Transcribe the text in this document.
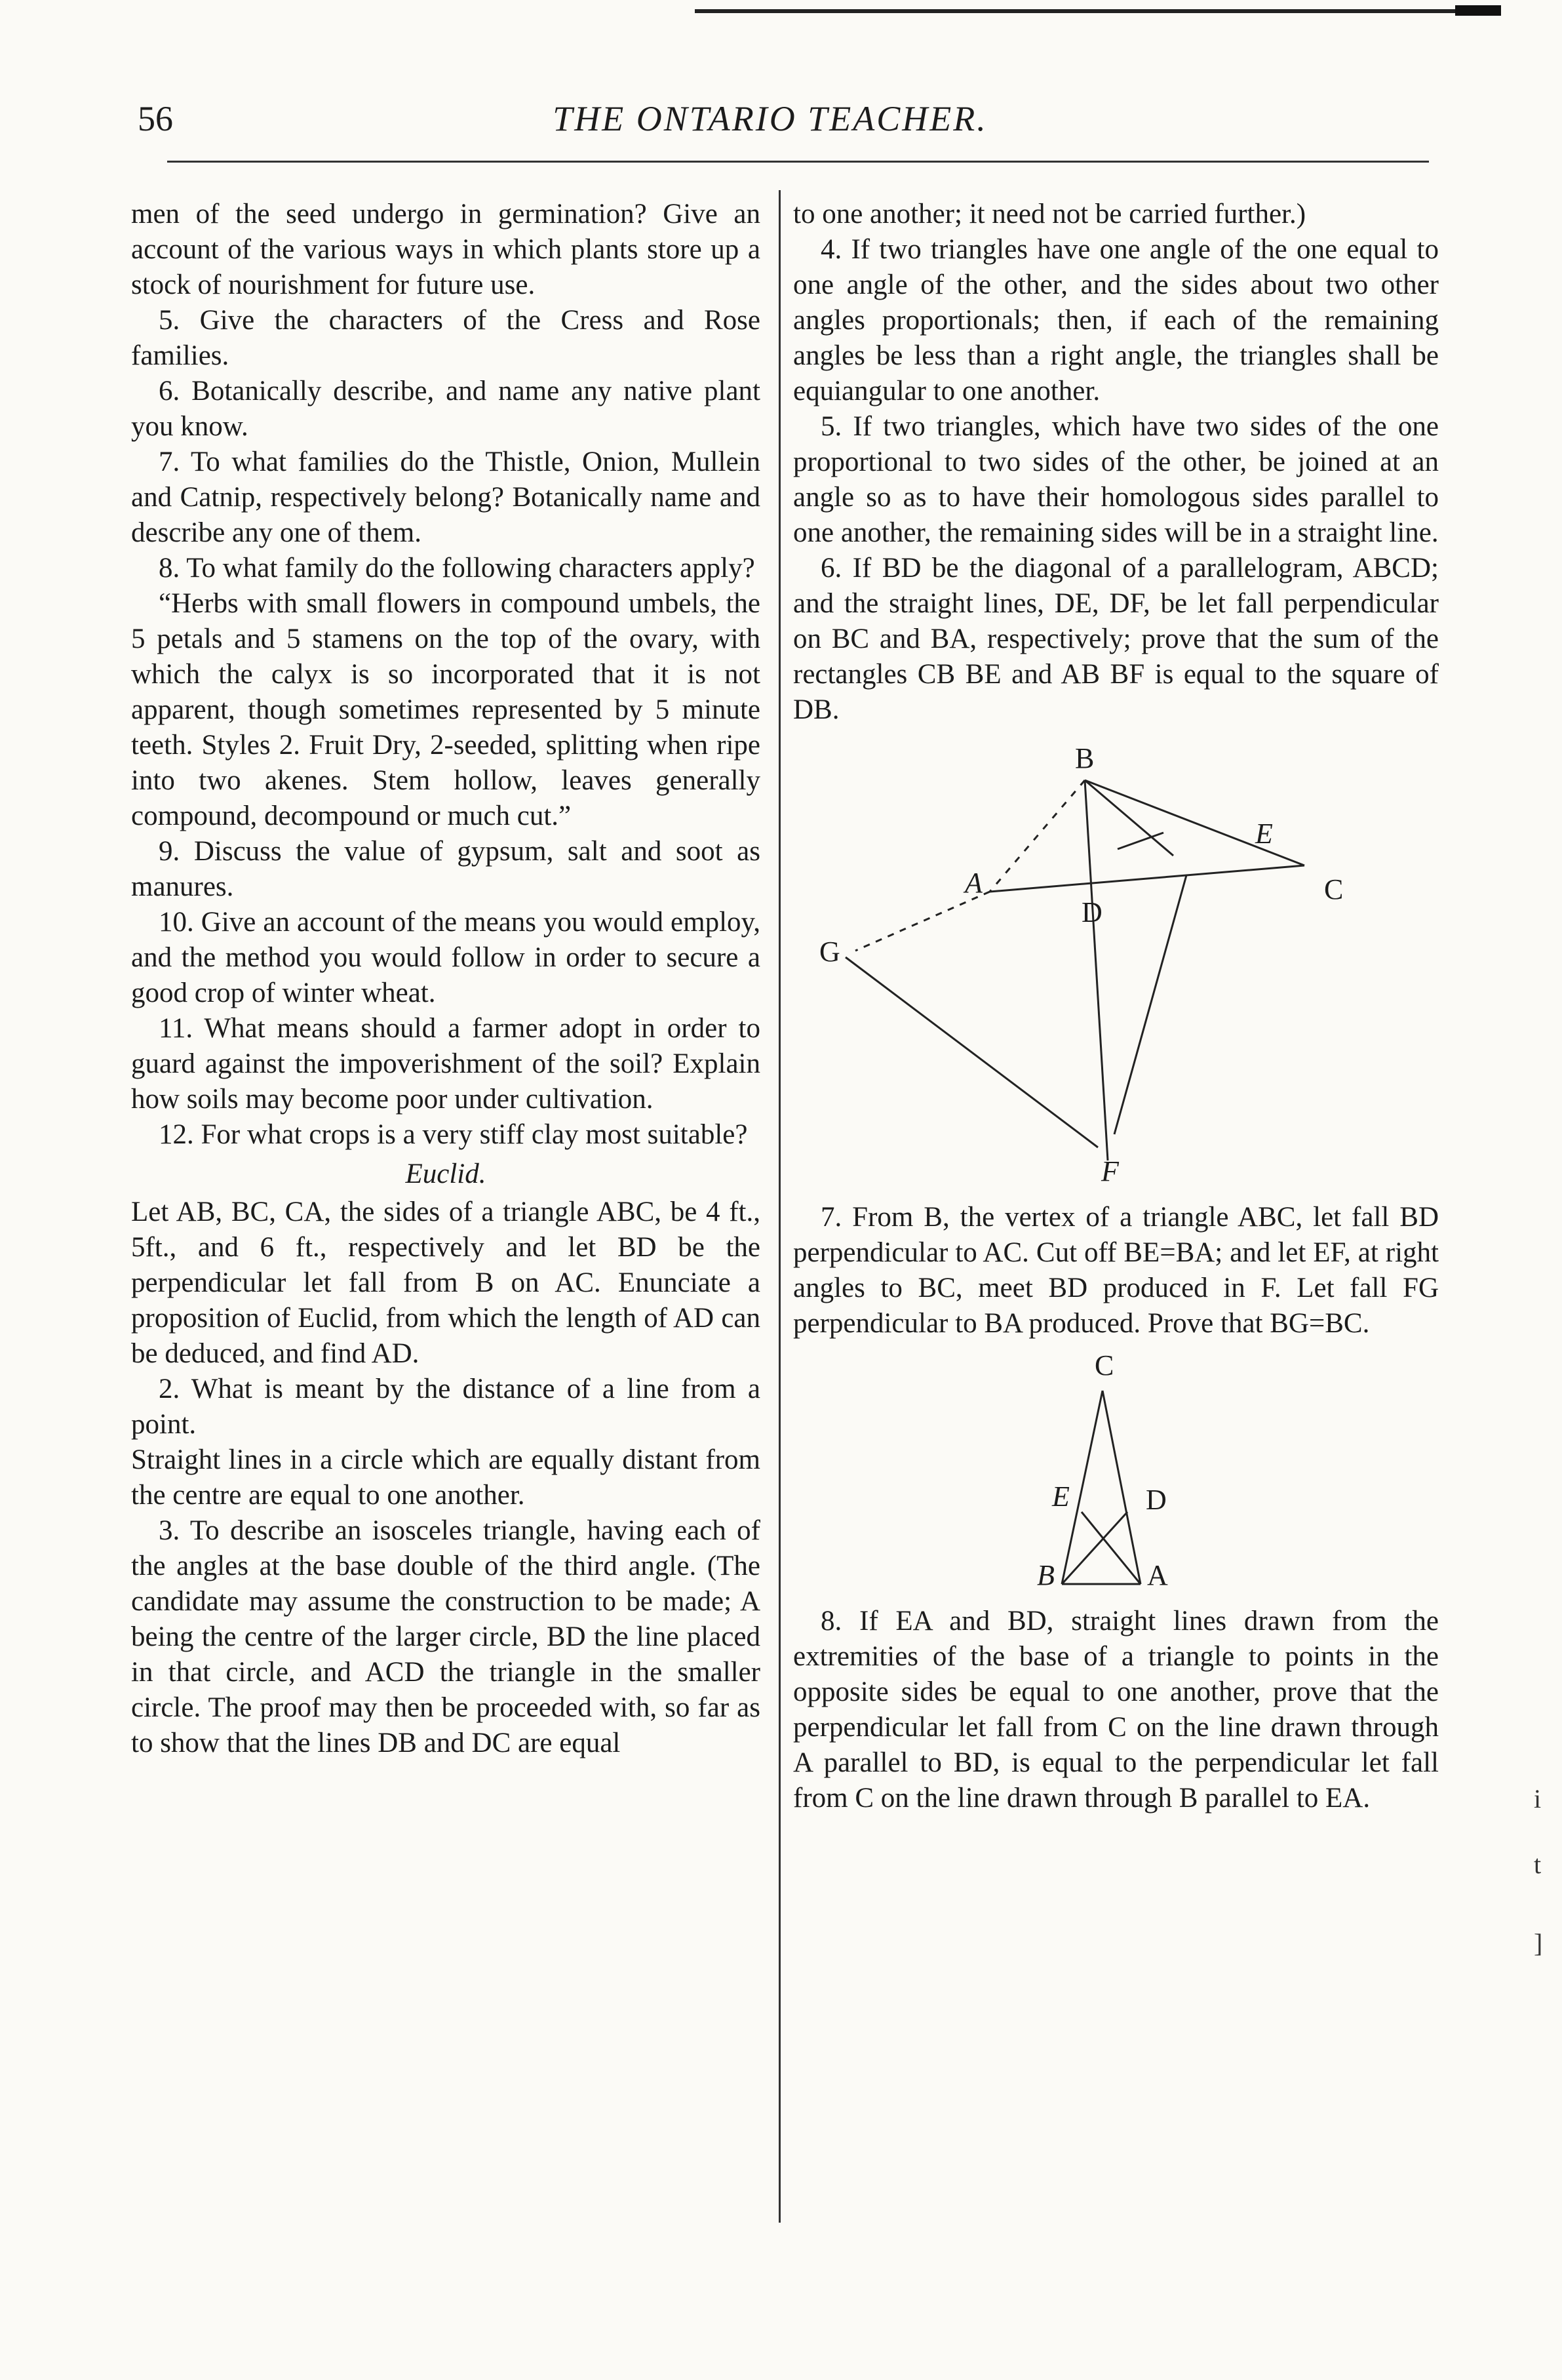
56	THE ONTARIO TEACHER.

men of the seed undergo in germination? Give an account of the various ways in which plants store up a stock of nourishment for future use.

5. Give the characters of the Cress and Rose families.

6. Botanically describe, and name any native plant you know.

7. To what families do the Thistle, Onion, Mullein and Catnip, respectively belong? Botanically name and describe any one of them.

8. To what family do the following characters apply?

“Herbs with small flowers in compound umbels, the 5 petals and 5 stamens on the top of the ovary, with which the calyx is so incorporated that it is not apparent, though sometimes represented by 5 minute teeth. Styles 2. Fruit Dry, 2-seeded, splitting when ripe into two akenes. Stem hollow, leaves generally compound, decompound or much cut.”

9. Discuss the value of gypsum, salt and soot as manures.

10. Give an account of the means you would employ, and the method you would follow in order to secure a good crop of winter wheat.

11. What means should a farmer adopt in order to guard against the impoverishment of the soil? Explain how soils may become poor under cultivation.

12. For what crops is a very stiff clay most suitable?

Euclid.

Let AB, BC, CA, the sides of a triangle ABC, be 4 ft., 5ft., and 6 ft., respectively and let BD be the perpendicular let fall from B on AC. Enunciate a proposition of Euclid, from which the length of AD can be deduced, and find AD.

2. What is meant by the distance of a line from a point.

Straight lines in a circle which are equally distant from the centre are equal to one another.

3. To describe an isosceles triangle, having each of the angles at the base double of the third angle. (The candidate may assume the construction to be made; A being the centre of the larger circle, BD the line placed in that circle, and ACD the triangle in the smaller circle. The proof may then be proceeded with, so far as to show that the lines DB and DC are equal

to one another; it need not be carried further.)

4. If two triangles have one angle of the one equal to one angle of the other, and the sides about two other angles proportionals; then, if each of the remaining angles be less than a right angle, the triangles shall be equiangular to one another.

5. If two triangles, which have two sides of the one proportional to two sides of the other, be joined at an angle so as to have their homologous sides parallel to one another, the remaining sides will be in a straight line.

6. If BD be the diagonal of a parallelogram, ABCD; and the straight lines, DE, DF, be let fall perpendicular on BC and BA, respectively; prove that the sum of the rectangles CB BE and AB BF is equal to the square of DB.

B
E
A	C
D
G
F

7. From B, the vertex of a triangle ABC, let fall BD perpendicular to AC. Cut off BE=BA; and let EF, at right angles to BC, meet BD produced in F. Let fall FG perpendicular to BA produced. Prove that BG=BC.

C
E	D
B	A

8. If EA and BD, straight lines drawn from the extremities of the base of a triangle to points in the opposite sides be equal to one another, prove that the perpendicular let fall from C on the line drawn through A parallel to BD, is equal to the perpendicular let fall from C on the line drawn through B parallel to EA.	i
t
]
